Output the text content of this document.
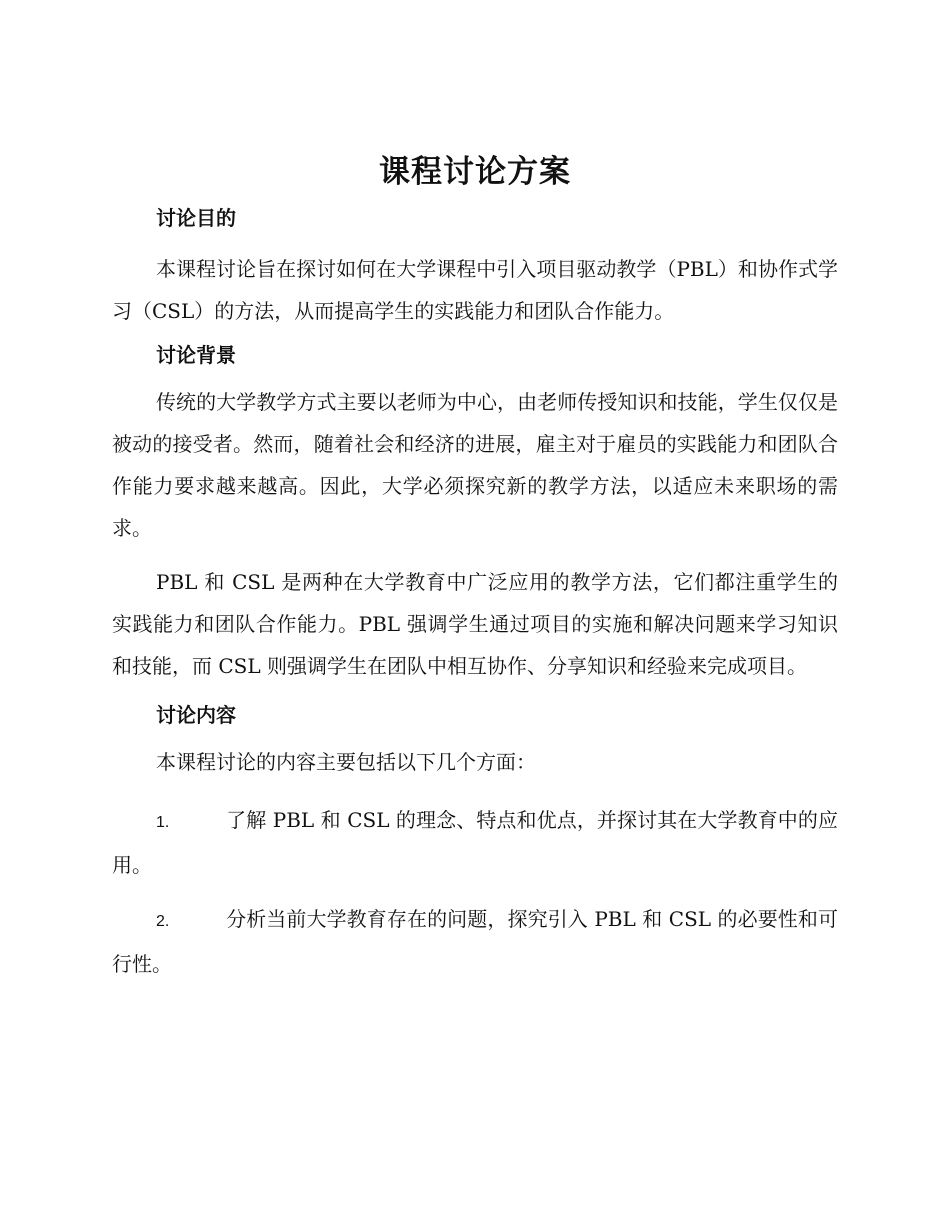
课程讨论方案
讨论目的

本课程讨论旨在探讨如何在大学课程中引入项目驱动教学（PBL）和协作式学习（CSL）的方法，从而提高学生的实践能力和团队合作能力。

讨论背景

传统的大学教学方式主要以老师为中心，由老师传授知识和技能，学生仅仅是被动的接受者。然而，随着社会和经济的进展，雇主对于雇员的实践能力和团队合作能力要求越来越高。因此，大学必须探究新的教学方法，以适应未来职场的需求。

PBL 和 CSL 是两种在大学教育中广泛应用的教学方法，它们都注重学生的实践能力和团队合作能力。PBL 强调学生通过项目的实施和解决问题来学习知识和技能，而 CSL 则强调学生在团队中相互协作、分享知识和经验来完成项目。

讨论内容

本课程讨论的内容主要包括以下几个方面：

1.	了解 PBL 和 CSL 的理念、特点和优点，并探讨其在大学教育中的应用。

2.	分析当前大学教育存在的问题，探究引入 PBL 和 CSL 的必要性和可行性。
